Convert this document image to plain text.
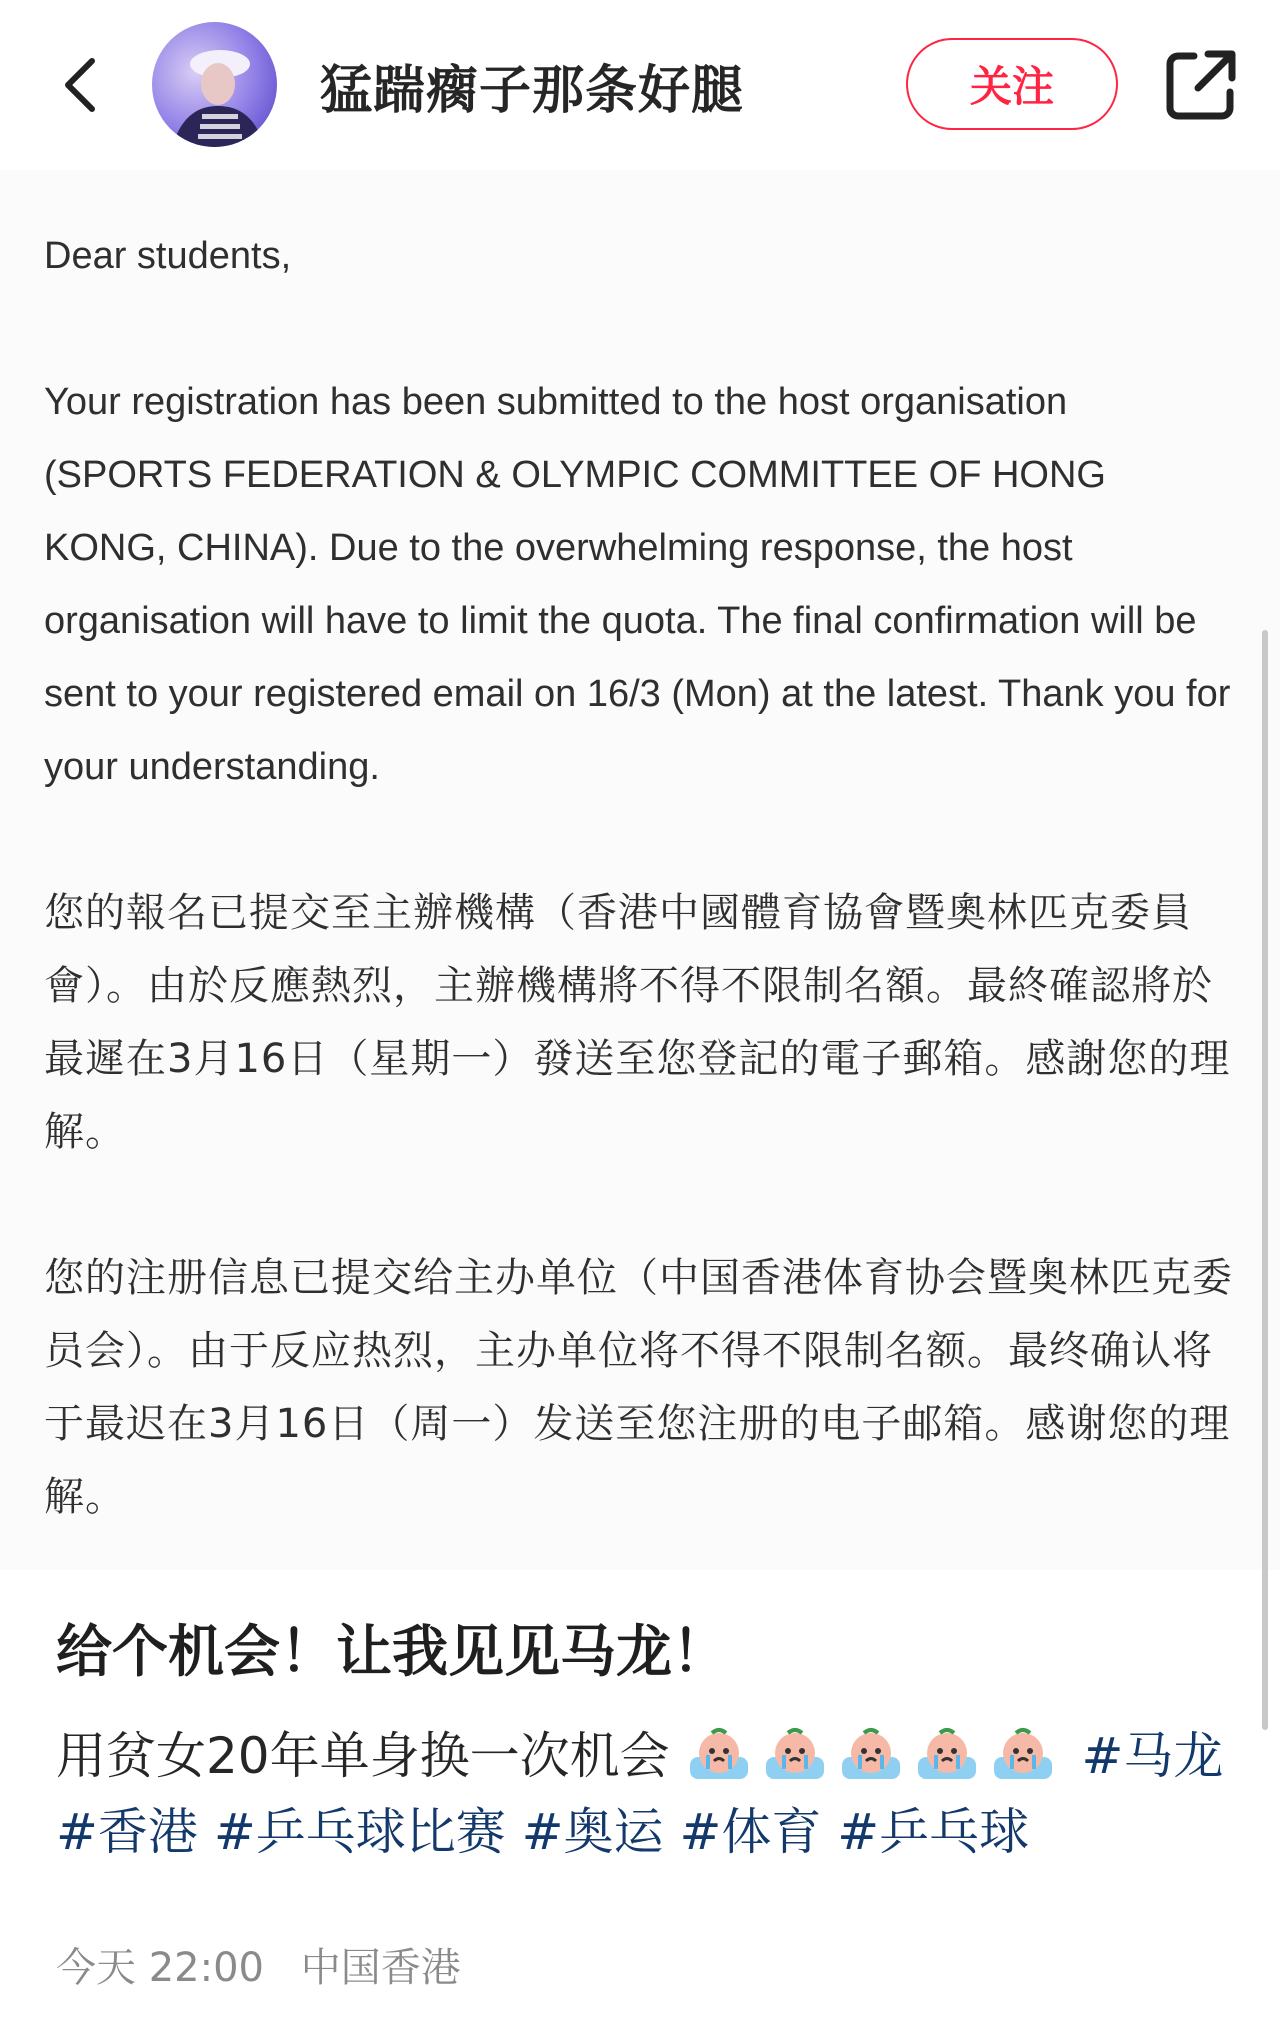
猛踹瘸子那条好腿	关注

Dear students,

Your registration has been submitted to the host organisation (SPORTS FEDERATION & OLYMPIC COMMITTEE OF HONG KONG, CHINA). Due to the overwhelming response, the host organisation will have to limit the quota. The final confirmation will be sent to your registered email on 16/3 (Mon) at the latest. Thank you for your understanding.

您的報名已提交至主辦機構（香港中國體育協會暨奧林匹克委員會）。由於反應熱烈，主辦機構將不得不限制名額。最終確認將於最遲在3月16日（星期一）發送至您登記的電子郵箱。感謝您的理解。

您的注册信息已提交给主办单位（中国香港体育协会暨奥林匹克委员会）。由于反应热烈，主办单位将不得不限制名额。最终确认将于最迟在3月16日（周一）发送至您注册的电子邮箱。感谢您的理解。

给个机会！让我见见马龙！
用贫女20年单身换一次机会	#马龙#香港 #乒乓球比赛 #奥运 #体育 #乒乓球
今天 22:00 中国香港
